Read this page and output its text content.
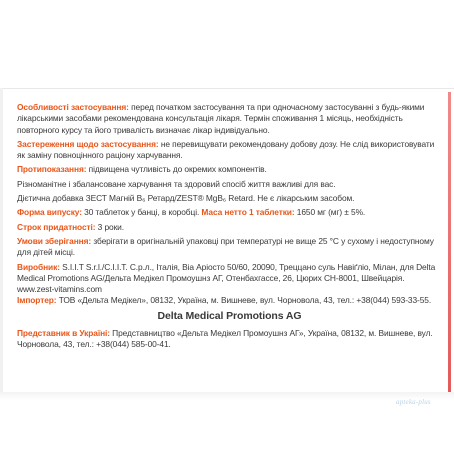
Особливості застосування: перед початком застосування та при одночасному застосуванні з будь-якими лікарськими засобами рекомендована консультація лікаря. Термін споживання 1 місяць, необхідність повторного курсу та його тривалість визначає лікар індивідуально.

Застереження щодо застосування: не перевищувати рекомендовану добову дозу. Не слід використовувати як заміну повноцінного раціону харчування.

Протипоказання: підвищена чутливість до окремих компонентів.

Різноманітне і збалансоване харчування та здоровий спосіб життя важливі для вас.

Дієтична добавка ЗЕСТ Магній B₆ Ретард/ZEST® MgB₆ Retard. Не є лікарським засобом.

Форма випуску: 30 таблеток у банці, в коробці. Маса нетто 1 таблетки: 1650 мг (мг) ± 5%.

Строк придатності: 3 роки.

Умови зберігання: зберігати в оригінальній упаковці при температурі не вище 25 °С у сухому і недоступному для дітей місці.

Виробник: S.I.I.T S.r.l./C.I.I.T. С.р.л., Італія, Віа Аріосто 50/60, 20090, Треццано суль Навіґліо, Мілан, для Delta Medical Promotions AG/Дельта Медікел Промоушнз АГ, Отенбахгассе, 26, Цюрих CH-8001, Швейцарія. www.zest-vitamins.com

Імпортер: ТОВ «Дельта Медікел», 08132, Україна, м. Вишневе, вул. Чорновола, 43, тел.: +38(044) 593-33-55.

Delta Medical Promotions AG

Представник в Україні: Представництво «Дельта Медікел Промоушнз АГ», Україна, 08132, м. Вишневе, вул. Чорновола, 43, тел.: +38(044) 585-00-41.

apteka-plus
